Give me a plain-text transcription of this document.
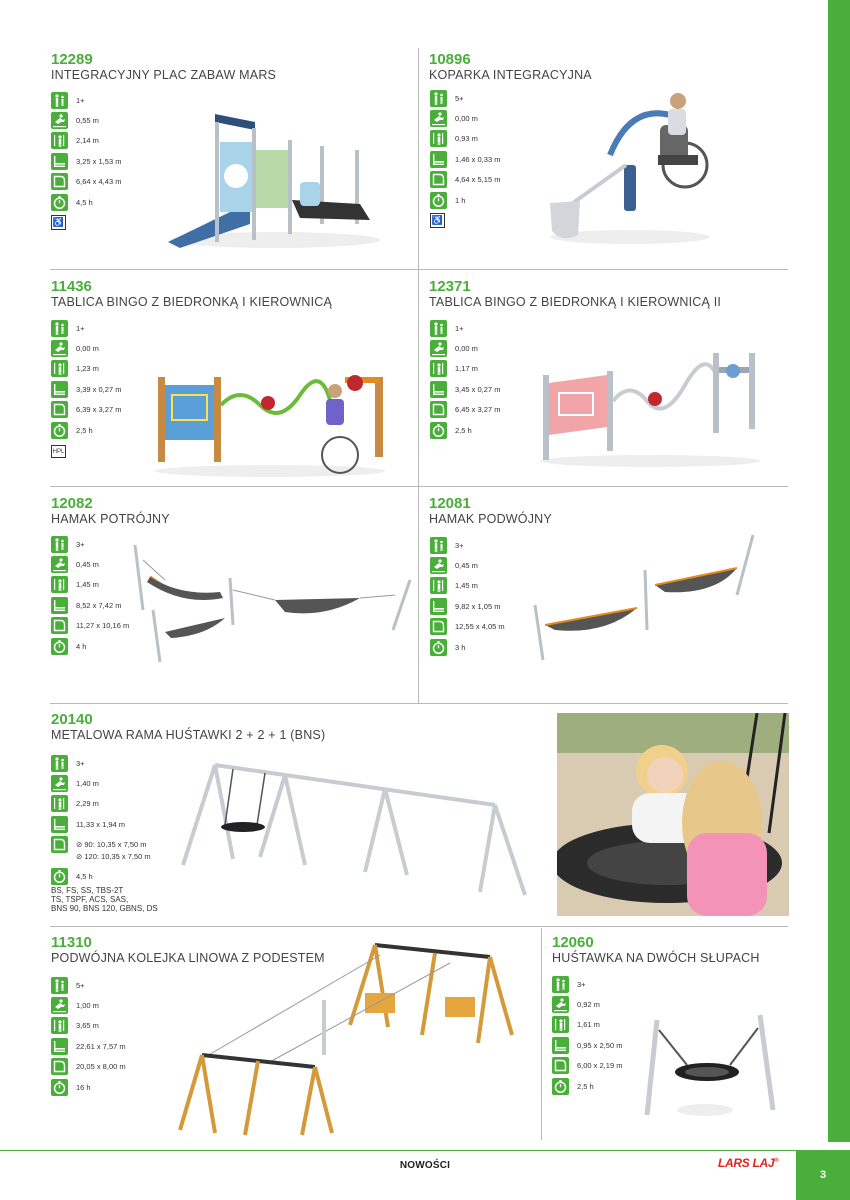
NOWOŚCI	LARS LAJ®
3
12289
INTEGRACYJNY PLAC ZABAW MARS
1+
0,55 m
2,14 m
3,25 x 1,53 m
6,64 x 4,43 m
4,5 h
♿
10896
KOPARKA INTEGRACYJNA
5+
0,00 m
0,93 m
1,46 x 0,33 m
4,64 x 5,15 m
1 h
♿
11436
TABLICA BINGO Z BIEDRONKĄ I KIEROWNICĄ
1+
0,00 m
1,23 m
3,39 x 0,27 m
6,39 x 3,27 m
2,5 h
HPL
12371
TABLICA BINGO Z BIEDRONKĄ I KIEROWNICĄ II
1+
0,00 m
1,17 m
3,45 x 0,27 m
6,45 x 3,27 m
2,5 h
12082
HAMAK POTRÓJNY
3+
0,45 m
1,45 m
8,52 x 7,42 m
11,27 x 10,16 m
4 h
12081
HAMAK PODWÓJNY
3+
0,45 m
1,45 m
9,82 x 1,05 m
12,55 x 4,05 m
3 h
20140
METALOWA RAMA HUŚTAWKI 2 + 2 + 1 (BNS)
3+
1,40 m
2,29 m
11,33 x 1,94 m
⊘ 90: 10,35 x 7,50 m
⊘ 120: 10,35 x 7,50 m
4,5 h
BS, FS, SS, TBS-2T
TS, TSPF, ACS, SAS,
BNS 90, BNS 120, GBNS, DS
11310
PODWÓJNA KOLEJKA LINOWA Z PODESTEM
5+
1,00 m
3,65 m
22,61 x 7,57 m
20,05 x 8,00 m
16 h
12060
HUŚTAWKA NA DWÓCH SŁUPACH
3+
0,92 m
1,61 m
0,95 x 2,50 m
6,00 x 2,19 m
2,5 h
